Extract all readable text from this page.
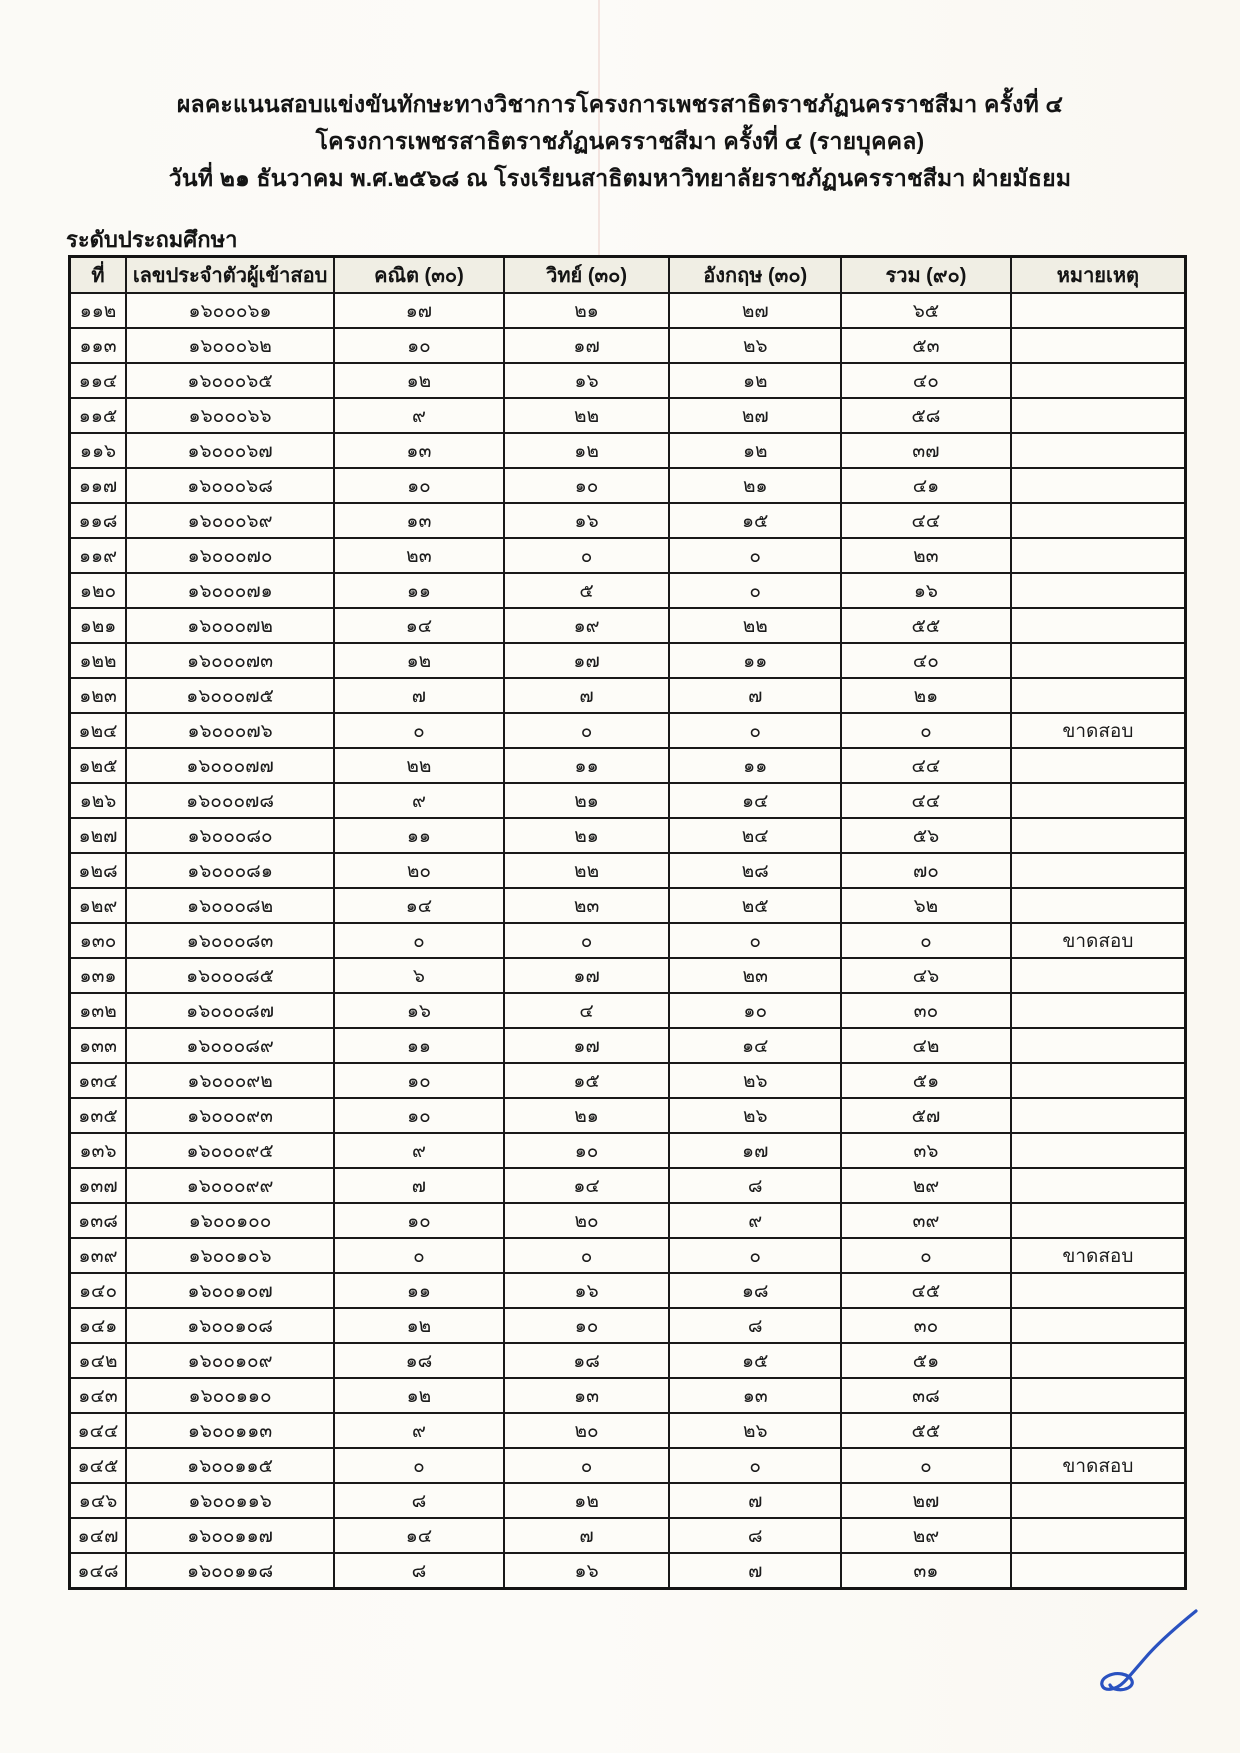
ผลคะแนนสอบแข่งขันทักษะทางวิชาการโครงการเพชรสาธิตราชภัฏนครราชสีมา ครั้งที่ ๔
โครงการเพชรสาธิตราชภัฏนครราชสีมา ครั้งที่ ๔ (รายบุคคล)
วันที่ ๒๑ ธันวาคม พ.ศ.๒๕๖๘ ณ โรงเรียนสาธิตมหาวิทยาลัยราชภัฏนครราชสีมา ฝ่ายมัธยม
ระดับประถมศึกษา
ที่	เลขประจำตัวผู้เข้าสอบ	คณิต (๓๐)	วิทย์ (๓๐)	อังกฤษ (๓๐)	รวม (๙๐)	หมายเหตุ
๑๑๒	๑๖๐๐๐๖๑	๑๗	๒๑	๒๗	๖๕	
๑๑๓	๑๖๐๐๐๖๒	๑๐	๑๗	๒๖	๕๓	
๑๑๔	๑๖๐๐๐๖๕	๑๒	๑๖	๑๒	๔๐	
๑๑๕	๑๖๐๐๐๖๖	๙	๒๒	๒๗	๕๘	
๑๑๖	๑๖๐๐๐๖๗	๑๓	๑๒	๑๒	๓๗	
๑๑๗	๑๖๐๐๐๖๘	๑๐	๑๐	๒๑	๔๑	
๑๑๘	๑๖๐๐๐๖๙	๑๓	๑๖	๑๕	๔๔	
๑๑๙	๑๖๐๐๐๗๐	๒๓	๐	๐	๒๓	
๑๒๐	๑๖๐๐๐๗๑	๑๑	๕	๐	๑๖	
๑๒๑	๑๖๐๐๐๗๒	๑๔	๑๙	๒๒	๕๕	
๑๒๒	๑๖๐๐๐๗๓	๑๒	๑๗	๑๑	๔๐	
๑๒๓	๑๖๐๐๐๗๕	๗	๗	๗	๒๑	
๑๒๔	๑๖๐๐๐๗๖	๐	๐	๐	๐	ขาดสอบ
๑๒๕	๑๖๐๐๐๗๗	๒๒	๑๑	๑๑	๔๔	
๑๒๖	๑๖๐๐๐๗๘	๙	๒๑	๑๔	๔๔	
๑๒๗	๑๖๐๐๐๘๐	๑๑	๒๑	๒๔	๕๖	
๑๒๘	๑๖๐๐๐๘๑	๒๐	๒๒	๒๘	๗๐	
๑๒๙	๑๖๐๐๐๘๒	๑๔	๒๓	๒๕	๖๒	
๑๓๐	๑๖๐๐๐๘๓	๐	๐	๐	๐	ขาดสอบ
๑๓๑	๑๖๐๐๐๘๕	๖	๑๗	๒๓	๔๖	
๑๓๒	๑๖๐๐๐๘๗	๑๖	๔	๑๐	๓๐	
๑๓๓	๑๖๐๐๐๘๙	๑๑	๑๗	๑๔	๔๒	
๑๓๔	๑๖๐๐๐๙๒	๑๐	๑๕	๒๖	๕๑	
๑๓๕	๑๖๐๐๐๙๓	๑๐	๒๑	๒๖	๕๗	
๑๓๖	๑๖๐๐๐๙๕	๙	๑๐	๑๗	๓๖	
๑๓๗	๑๖๐๐๐๙๙	๗	๑๔	๘	๒๙	
๑๓๘	๑๖๐๐๑๐๐	๑๐	๒๐	๙	๓๙	
๑๓๙	๑๖๐๐๑๐๖	๐	๐	๐	๐	ขาดสอบ
๑๔๐	๑๖๐๐๑๐๗	๑๑	๑๖	๑๘	๔๕	
๑๔๑	๑๖๐๐๑๐๘	๑๒	๑๐	๘	๓๐	
๑๔๒	๑๖๐๐๑๐๙	๑๘	๑๘	๑๕	๕๑	
๑๔๓	๑๖๐๐๑๑๐	๑๒	๑๓	๑๓	๓๘	
๑๔๔	๑๖๐๐๑๑๓	๙	๒๐	๒๖	๕๕	
๑๔๕	๑๖๐๐๑๑๕	๐	๐	๐	๐	ขาดสอบ
๑๔๖	๑๖๐๐๑๑๖	๘	๑๒	๗	๒๗	
๑๔๗	๑๖๐๐๑๑๗	๑๔	๗	๘	๒๙	
๑๔๘	๑๖๐๐๑๑๘	๘	๑๖	๗	๓๑	
